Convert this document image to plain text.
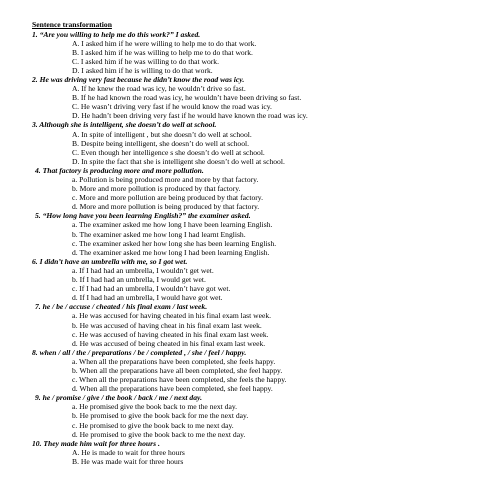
Sentence transformation
1. “Are you willing to help me do this work?” I asked.
A. I asked him if he were willing to help me to do that work.
B. I asked him if he was willing to help me to do that work.
C. I asked him if he was willing to do that work.
D. I asked him if he is willing to do that work.
2. He was driving very fast because he didn’t know the road was icy.
A. If he knew the road was icy, he wouldn’t drive so fast.
B. If he had known the road was icy, he wouldn’t have been driving so fast.
C. He wasn’t driving very fast if he would know the road was icy.
D. He hadn’t been driving very fast if he would have known the road was icy.
3. Although she is intelligent, she doesn’t do well at school.
A. In spite of intelligent , but she doesn’t do well at school.
B. Despite being intelligent, she doesn’t do well at school.
C. Even though her intelligence s she doesn’t do well at school.
D. In spite the fact that she is intelligent she doesn’t do well at school.
4. That factory is producing more and more pollution.
a. Pollution is being produced more and more by that factory.
b. More and more pollution is produced by that factory.
c. More and more pollution are being produced by that factory.
d. More and more pollution is being produced by that factory.
5. “How long have you been learning English?” the examiner asked.
a. The examiner asked me how long I have been learning English.
b. The examiner asked me how long I had learnt English.
c. The examiner asked her how long she has been learning English.
d. The examiner asked me how long I had been learning English.
6. I didn’t have an umbrella with me, so I got wet.
a. If I had had an umbrella, I wouldn’t get wet.
b. If I had had an umbrella, I would get wet.
c. If I had had an umbrella, I wouldn’t have got wet.
d. If I had had an umbrella, I would have got wet.
7. he / be / accuse / cheated / his final exam / last week.
a. He was accused for having cheated in his final exam last week.
b. He was accused of having cheat in his final exam last week.
c. He was accused of having cheated in his final exam last week.
d. He was accused of being cheated in his final exam last week.
8. when / all / the / preparations / be / completed , / she / feel / happy.
a. When all the preparations have been completed, she feels happy.
b. When all the preparations have all been completed, she feel happy.
c. When all the preparations have been completed, she feels the happy.
d. When all the preparations have been completed, she feel happy.
9. he / promise / give / the book / back / me / next day.
a. He promised give the book back to me the next day.
b. He promised to give the book back for me the next day.
c. He promised to give the book back to me next day.
d. He promised to give the book back to me the next day.
10. They made him wait for three hours .
A. He is made to wait for three hours
B. He was made wait for three hours
